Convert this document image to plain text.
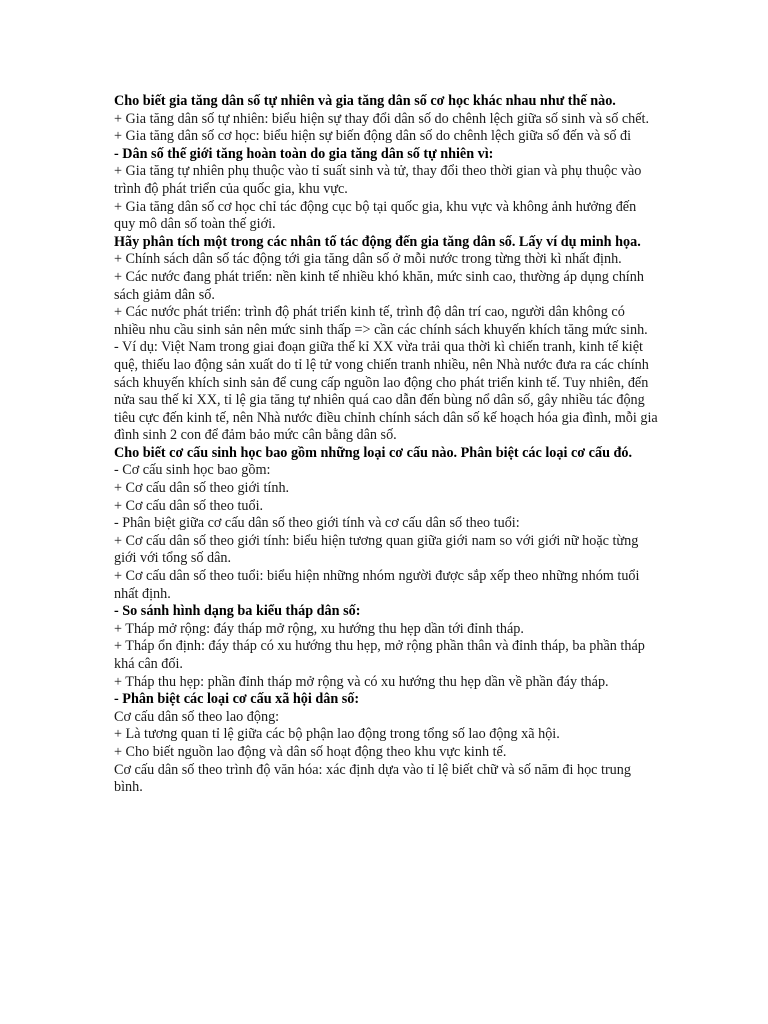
Cho biết gia tăng dân số tự nhiên và gia tăng dân số cơ học khác nhau như thế nào.

+ Gia tăng dân số tự nhiên: biểu hiện sự thay đổi dân số do chênh lệch giữa số sinh và số chết.

+ Gia tăng dân số cơ học: biểu hiện sự biến động dân số do chênh lệch giữa số đến và số đi

- Dân số thế giới tăng hoàn toàn do gia tăng dân số tự nhiên vì:

+ Gia tăng tự nhiên phụ thuộc vào tỉ suất sinh và tử, thay đổi theo thời gian và phụ thuộc vào trình độ phát triển của quốc gia, khu vực.

+ Gia tăng dân số cơ học chỉ tác động cục bộ tại quốc gia, khu vực và không ảnh hưởng đến quy mô dân số toàn thế giới.

Hãy phân tích một trong các nhân tố tác động đến gia tăng dân số. Lấy ví dụ minh họa.

+ Chính sách dân số tác động tới gia tăng dân số ở mỗi nước trong từng thời kì nhất định.

+ Các nước đang phát triển: nền kinh tế nhiều khó khăn, mức sinh cao, thường áp dụng chính sách giảm dân số.

+ Các nước phát triển: trình độ phát triển kinh tế, trình độ dân trí cao, người dân không có nhiều nhu cầu sinh sản nên mức sinh thấp => cần các chính sách khuyến khích tăng mức sinh.

- Ví dụ: Việt Nam trong giai đoạn giữa thế kỉ XX vừa trải qua thời kì chiến tranh, kinh tế kiệt quệ, thiếu lao động sản xuất do tỉ lệ tử vong chiến tranh nhiều, nên Nhà nước đưa ra các chính sách khuyến khích sinh sản để cung cấp nguồn lao động cho phát triển kinh tế. Tuy nhiên, đến nửa sau thế kỉ XX, tỉ lệ gia tăng tự nhiên quá cao dẫn đến bùng nổ dân số, gây nhiều tác động tiêu cực đến kinh tế, nên Nhà nước điều chỉnh chính sách dân số kế hoạch hóa gia đình, mỗi gia đình sinh 2 con để đảm bảo mức cân bằng dân số.

Cho biết cơ cấu sinh học bao gồm những loại cơ cấu nào. Phân biệt các loại cơ cấu đó.

- Cơ cấu sinh học bao gồm:

+ Cơ cấu dân số theo giới tính.

+ Cơ cấu dân số theo tuổi.

- Phân biệt giữa cơ cấu dân số theo giới tính và cơ cấu dân số theo tuổi:

+ Cơ cấu dân số theo giới tính: biểu hiện tương quan giữa giới nam so với giới nữ hoặc từng giới với tổng số dân.

+ Cơ cấu dân số theo tuổi: biểu hiện những nhóm người được sắp xếp theo những nhóm tuổi nhất định.

- So sánh hình dạng ba kiểu tháp dân số:

+ Tháp mở rộng: đáy tháp mở rộng, xu hướng thu hẹp dần tới đỉnh tháp.

+ Tháp ổn định: đáy tháp có xu hướng thu hẹp, mở rộng phần thân và đỉnh tháp, ba phần tháp khá cân đối.

+ Tháp thu hẹp: phần đỉnh tháp mở rộng và có xu hướng thu hẹp dần về phần đáy tháp.

- Phân biệt các loại cơ cấu xã hội dân số:

Cơ cấu dân số theo lao động:

+ Là tương quan tỉ lệ giữa các bộ phận lao động trong tổng số lao động xã hội.

+ Cho biết nguồn lao động và dân số hoạt động theo khu vực kinh tế.

Cơ cấu dân số theo trình độ văn hóa: xác định dựa vào tỉ lệ biết chữ và số năm đi học trung bình.
